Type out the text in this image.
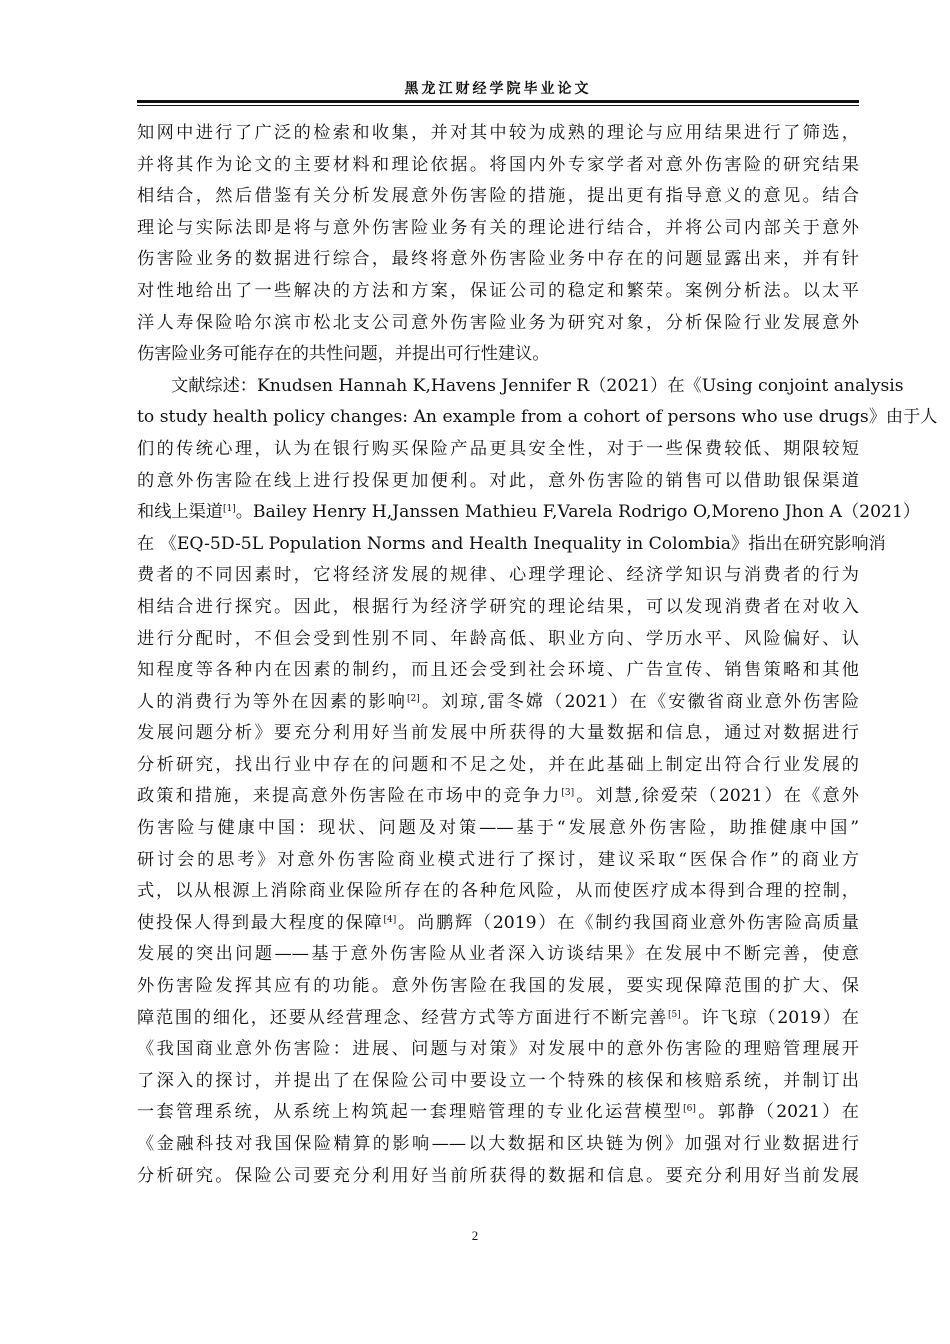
黑龙江财经学院毕业论文

知网中进行了广泛的检索和收集，并对其中较为成熟的理论与应用结果进行了筛选，
并将其作为论文的主要材料和理论依据。将国内外专家学者对意外伤害险的研究结果
相结合，然后借鉴有关分析发展意外伤害险的措施，提出更有指导意义的意见。结合
理论与实际法即是将与意外伤害险业务有关的理论进行结合，并将公司内部关于意外
伤害险业务的数据进行综合，最终将意外伤害险业务中存在的问题显露出来，并有针
对性地给出了一些解决的方法和方案，保证公司的稳定和繁荣。案例分析法。以太平
洋人寿保险哈尔滨市松北支公司意外伤害险业务为研究对象，分析保险行业发展意外
伤害险业务可能存在的共性问题，并提出可行性建议。

文献综述：Knudsen Hannah K,Havens Jennifer R（2021）在《Using conjoint analysis
to study health policy changes: An example from a cohort of persons who use drugs》由于人
们的传统心理，认为在银行购买保险产品更具安全性，对于一些保费较低、期限较短
的意外伤害险在线上进行投保更加便利。对此，意外伤害险的销售可以借助银保渠道
和线上渠道[1]。Bailey Henry H,Janssen Mathieu F,Varela Rodrigo O,Moreno Jhon A（2021）
在 《EQ-5D-5L Population Norms and Health Inequality in Colombia》指出在研究影响消
费者的不同因素时，它将经济发展的规律、心理学理论、经济学知识与消费者的行为
相结合进行探究。因此，根据行为经济学研究的理论结果，可以发现消费者在对收入
进行分配时，不但会受到性别不同、年龄高低、职业方向、学历水平、风险偏好、认
知程度等各种内在因素的制约，而且还会受到社会环境、广告宣传、销售策略和其他
人的消费行为等外在因素的影响[2]。刘琼,雷冬嫦（2021）在《安徽省商业意外伤害险
发展问题分析》要充分利用好当前发展中所获得的大量数据和信息，通过对数据进行
分析研究，找出行业中存在的问题和不足之处，并在此基础上制定出符合行业发展的
政策和措施，来提高意外伤害险在市场中的竞争力[3]。刘慧,徐爱荣（2021）在《意外
伤害险与健康中国：现状、问题及对策——基于“发展意外伤害险，助推健康中国”
研讨会的思考》对意外伤害险商业模式进行了探讨，建议采取“医保合作”的商业方
式，以从根源上消除商业保险所存在的各种危风险，从而使医疗成本得到合理的控制，
使投保人得到最大程度的保障[4]。尚鹏辉（2019）在《制约我国商业意外伤害险高质量
发展的突出问题——基于意外伤害险从业者深入访谈结果》在发展中不断完善，使意
外伤害险发挥其应有的功能。意外伤害险在我国的发展，要实现保障范围的扩大、保
障范围的细化，还要从经营理念、经营方式等方面进行不断完善[5]。许飞琼（2019）在
《我国商业意外伤害险：进展、问题与对策》对发展中的意外伤害险的理赔管理展开
了深入的探讨，并提出了在保险公司中要设立一个特殊的核保和核赔系统，并制订出
一套管理系统，从系统上构筑起一套理赔管理的专业化运营模型[6]。郭静（2021）在
《金融科技对我国保险精算的影响——以大数据和区块链为例》加强对行业数据进行
分析研究。保险公司要充分利用好当前所获得的数据和信息。要充分利用好当前发展

2
